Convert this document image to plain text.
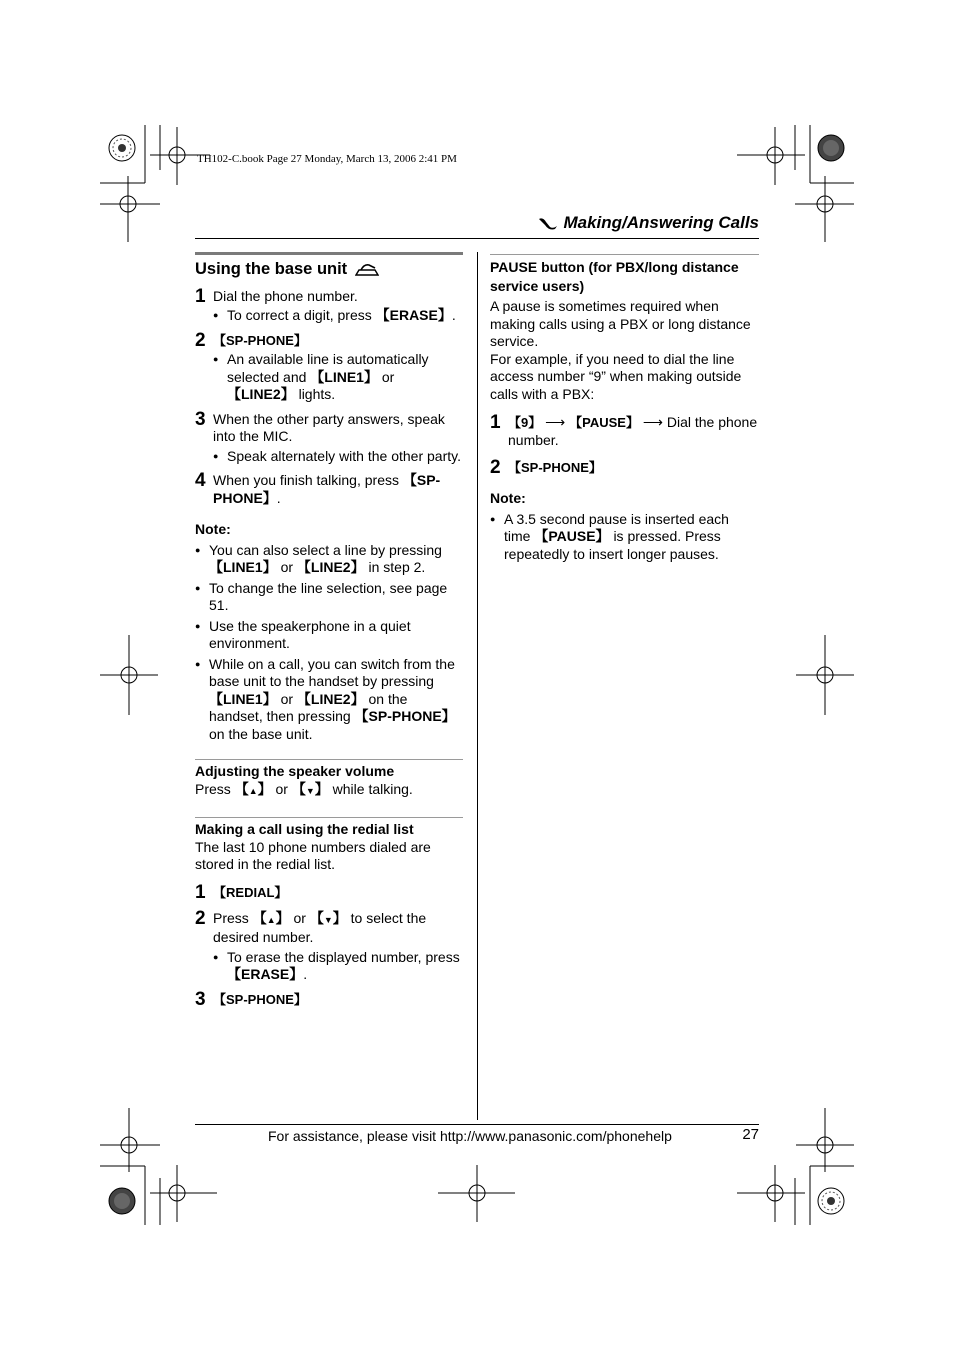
TH102-C.book Page 27 Monday, March 13, 2006 2:41 PM
Making/Answering Calls
Using the base unit
1 Dial the phone number.
● To correct a digit, press 【ERASE】.
2 【SP-PHONE】
● An available line is automatically selected and 【LINE1】 or 【LINE2】 lights.
3 When the other party answers, speak into the MIC.
● Speak alternately with the other party.
4 When you finish talking, press 【SP-PHONE】.
Note:
● You can also select a line by pressing 【LINE1】 or 【LINE2】 in step 2.
● To change the line selection, see page 51.
● Use the speakerphone in a quiet environment.
● While on a call, you can switch from the base unit to the handset by pressing 【LINE1】 or 【LINE2】 on the handset, then pressing 【SP-PHONE】 on the base unit.
Adjusting the speaker volume
Press 【▲】 or 【▼】 while talking.
Making a call using the redial list
The last 10 phone numbers dialed are stored in the redial list.
1 【REDIAL】
2 Press 【▲】 or 【▼】 to select the desired number.
● To erase the displayed number, press 【ERASE】.
3 【SP-PHONE】
PAUSE button (for PBX/long distance service users)
A pause is sometimes required when making calls using a PBX or long distance service.
For example, if you need to dial the line access number “9” when making outside calls with a PBX:
1 【9】 ⟶ 【PAUSE】 ⟶ Dial the phone number.
2 【SP-PHONE】
Note:
● A 3.5 second pause is inserted each time 【PAUSE】 is pressed. Press repeatedly to insert longer pauses.
For assistance, please visit http://www.panasonic.com/phonehelp	27
